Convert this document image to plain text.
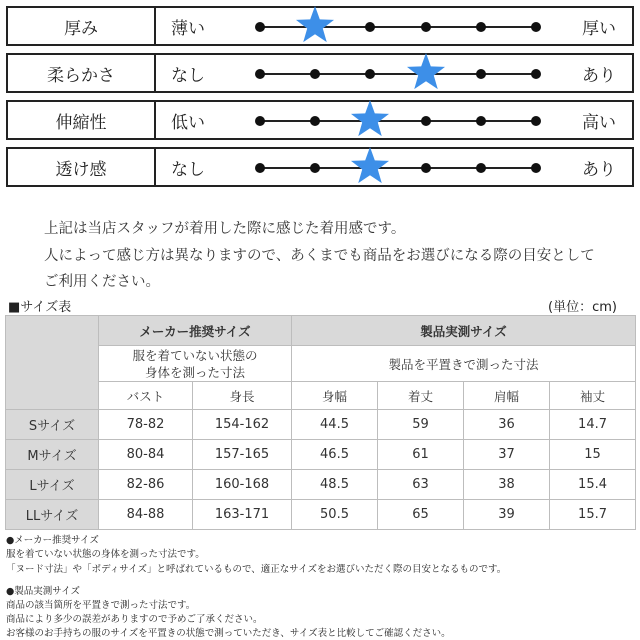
厚み	薄い	厚い
柔らかさ	なし	あり
伸縮性	低い	高い
透け感	なし	あり
上記は当店スタッフが着用した際に感じた着用感です。
人によって感じ方は異なりますので、あくまでも商品をお選びになる際の目安として
ご利用ください。
■サイズ表	(単位：cm)
	メーカー推奨サイズ		製品実測サイズ			

	服を着ていない状態の
身体を測った寸法		製品を平置きで測った寸法			
	バスト	身長	身幅	着丈	肩幅	袖丈
Sサイズ	78-82	154-162	44.5	59	36	14.7
Mサイズ	80-84	157-165	46.5	61	37	15
Lサイズ	82-86	160-168	48.5	63	38	15.4
LLサイズ	84-88	163-171	50.5	65	39	15.7
●メーカー推奨サイズ
服を着ていない状態の身体を測った寸法です。
「ヌード寸法」や「ボディサイズ」と呼ばれているもので、適正なサイズをお選びいただく際の目安となるものです。
●製品実測サイズ
商品の該当箇所を平置きで測った寸法です。
商品により多少の誤差がありますので予めご了承ください。
お客様のお手持ちの服のサイズを平置きの状態で測っていただき、サイズ表と比較してご確認ください。
